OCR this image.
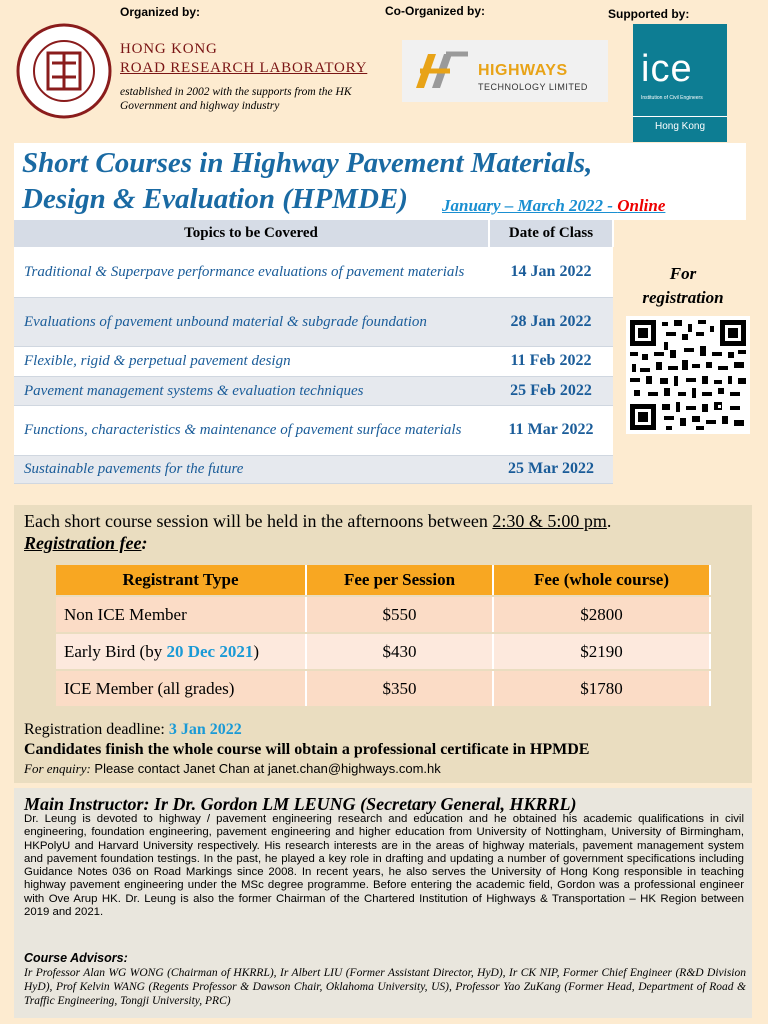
Organized by:	Co-Organized by:	Supported by:
HONG KONG
ROAD RESEARCH LABORATORY
established in 2002 with the supports from the HK Government and highway industry
HIGHWAYS
TECHNOLOGY LIMITED ice
Institution of Civil Engineers
Hong Kong
Short Courses in Highway Pavement Materials,
Design & Evaluation (HPMDE) January – March 2022 - Online
Topics to be Covered	Date of Class
Traditional & Superpave performance evaluations of pavement materials	14 Jan 2022
Evaluations of pavement unbound material & subgrade foundation	28 Jan 2022
Flexible, rigid & perpetual pavement design	11 Feb 2022
Pavement management systems & evaluation techniques	25 Feb 2022
Functions, characteristics & maintenance of pavement surface materials	11 Mar 2022
Sustainable pavements for the future	25 Mar 2022
For
registration
Each short course session will be held in the afternoons between 2:30 & 5:00 pm.
Registration fee:
Registrant Type	Fee per Session	Fee (whole course)
Non ICE Member	$550	$2800
Early Bird (by 20 Dec 2021)	$430	$2190
ICE Member (all grades)	$350	$1780
Registration deadline: 3 Jan 2022
Candidates finish the whole course will obtain a professional certificate in HPMDE
For enquiry: Please contact Janet Chan at janet.chan@highways.com.hk
Main Instructor: Ir Dr. Gordon LM LEUNG (Secretary General, HKRRL)
Dr. Leung is devoted to highway / pavement engineering research and education and he obtained his academic qualifications in civil engineering, foundation engineering, pavement engineering and higher education from University of Nottingham, University of Birmingham, HKPolyU and Harvard University respectively. His research interests are in the areas of highway materials, pavement management system and pavement foundation testings. In the past, he played a key role in drafting and updating a number of government specifications including Guidance Notes 036 on Road Markings since 2008. In recent years, he also serves the University of Hong Kong responsible in teaching highway pavement engineering under the MSc degree programme. Before entering the academic field, Gordon was a professional engineer with Ove Arup HK. Dr. Leung is also the former Chairman of the Chartered Institution of Highways & Transportation – HK Region between 2019 and 2021.
Course Advisors:
Ir Professor Alan WG WONG (Chairman of HKRRL), Ir Albert LIU (Former Assistant Director, HyD), Ir CK NIP, Former Chief Engineer (R&D Division HyD), Prof Kelvin WANG (Regents Professor & Dawson Chair, Oklahoma University, US), Professor Yao ZuKang (Former Head, Department of Road & Traffic Engineering, Tongji University, PRC)
